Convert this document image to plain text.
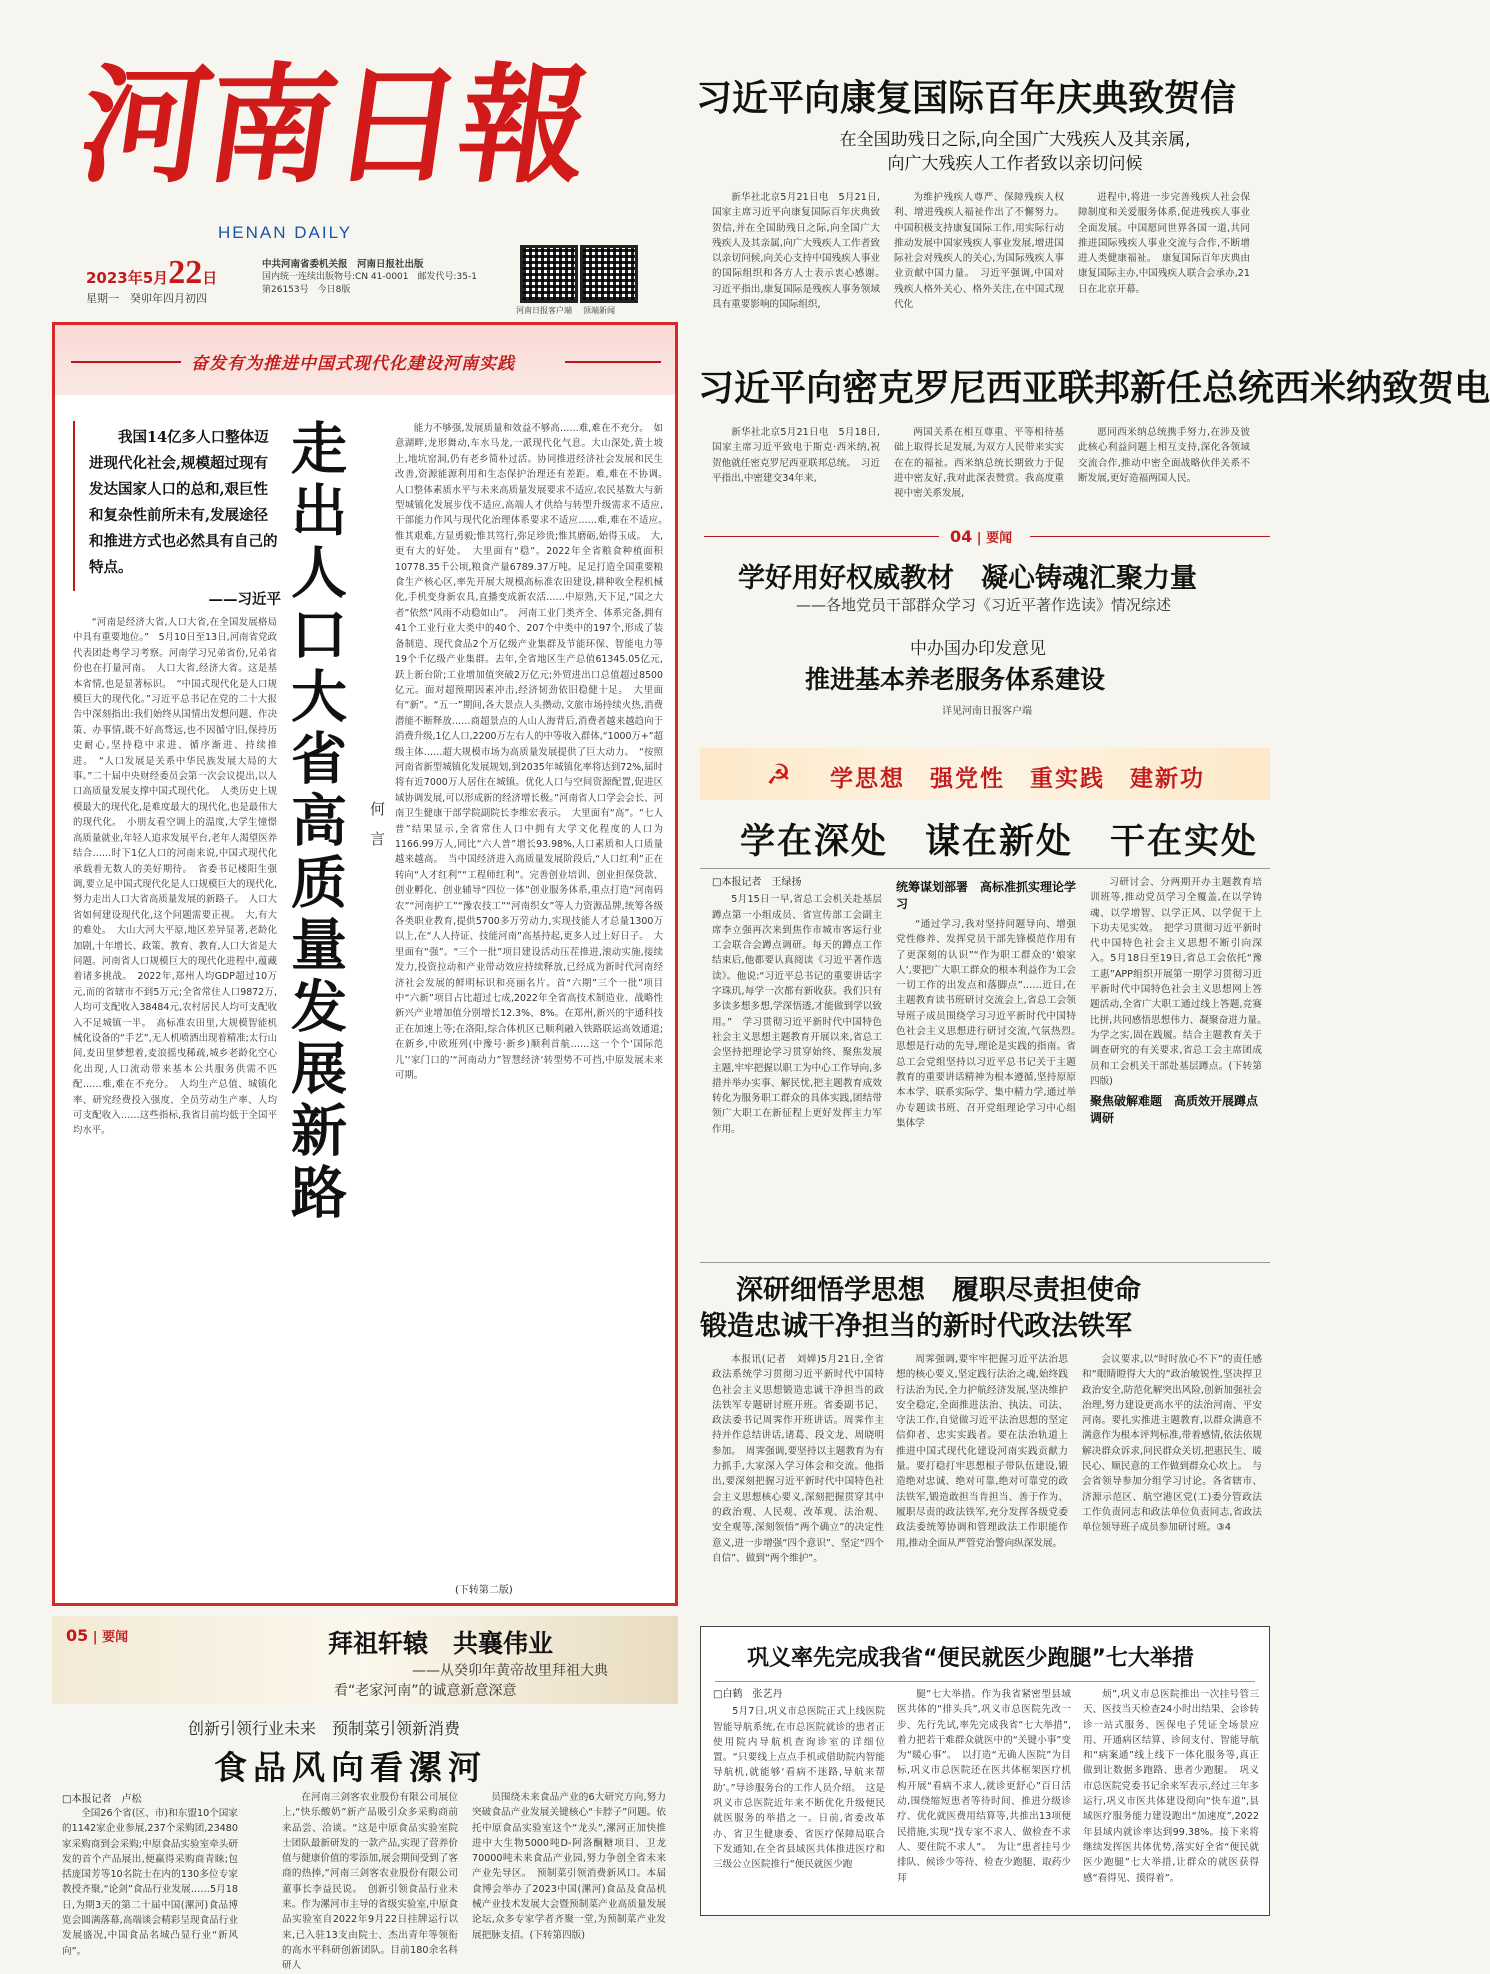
河南日報
HENAN DAILY
2023年5月22日
星期一　癸卯年四月初四
中共河南省委机关报　河南日报社出版
国内统一连续出版物号:CN 41-0001　邮发代号:35-1
第26153号　今日8版
河南日报客户端 顶端新闻
习近平向康复国际百年庆典致贺信
在全国助残日之际,向全国广大残疾人及其亲属,
向广大残疾人工作者致以亲切问候

新华社北京5月21日电　5月21日,国家主席习近平向康复国际百年庆典致贺信,并在全国助残日之际,向全国广大残疾人及其亲属,向广大残疾人工作者致以亲切问候,向关心支持中国残疾人事业的国际组织和各方人士表示衷心感谢。　习近平指出,康复国际是残疾人事务领域具有重要影响的国际组织,

为维护残疾人尊严、保障残疾人权利、增进残疾人福祉作出了不懈努力。中国积极支持康复国际工作,用实际行动推动发展中国家残疾人事业发展,增进国际社会对残疾人的关心,为国际残疾人事业贡献中国力量。　习近平强调,中国对残疾人格外关心、格外关注,在中国式现代化

进程中,将进一步完善残疾人社会保障制度和关爱服务体系,促进残疾人事业全面发展。中国愿同世界各国一道,共同推进国际残疾人事业交流与合作,不断增进人类健康福祉。　康复国际百年庆典由康复国际主办,中国残疾人联合会承办,21日在北京开幕。

习近平向密克罗尼西亚联邦新任总统西米纳致贺电

新华社北京5月21日电　5月18日,国家主席习近平致电于斯克·西米纳,祝贺他就任密克罗尼西亚联邦总统。　习近平指出,中密建交34年来,

两国关系在相互尊重、平等相待基础上取得长足发展,为双方人民带来实实在在的福祉。西米纳总统长期致力于促进中密友好,我对此深表赞赏。我高度重视中密关系发展,

愿同西米纳总统携手努力,在涉及彼此核心利益问题上相互支持,深化各领域交流合作,推动中密全面战略伙伴关系不断发展,更好造福两国人民。

04 | 要闻
学好用好权威教材　凝心铸魂汇聚力量
——各地党员干部群众学习《习近平著作选读》情况综述
中办国办印发意见
推进基本养老服务体系建设
详见河南日报客户端
☭ 学思想　强党性　重实践　建新功
学在深处　谋在新处　干在实处
□本报记者　王绿扬

5月15日一早,省总工会机关赴基层蹲点第一小组成员、省宣传部工会副主席李立强再次来到焦作市城市客运行业工会联合会蹲点调研。每天的蹲点工作结束后,他都要认真阅读《习近平著作选读》。他说:“习近平总书记的重要讲话字字珠玑,每学一次都有新收获。我们只有多读多想多想,学深悟透,才能做到学以致用。”　学习贯彻习近平新时代中国特色社会主义思想主题教育开展以来,省总工会坚持把理论学习贯穿始终、聚焦发展主题,牢牢把握以职工为中心工作导向,多措并举办实事、解民忧,把主题教育成效转化为服务职工群众的具体实践,团结带领广大职工在新征程上更好发挥主力军作用。

统筹谋划部署　高标准抓实理论学习

“通过学习,我对坚持问题导向、增强党性修养、发挥党员干部先锋模范作用有了更深刻的认识”“作为职工群众的‘娘家人’,要把广大职工群众的根本利益作为工会一切工作的出发点和落脚点”……近日,在主题教育读书班研讨交流会上,省总工会领导班子成员围绕学习习近平新时代中国特色社会主义思想进行研讨交流,气氛热烈。　思想是行动的先导,理论是实践的指南。省总工会党组坚持以习近平总书记关于主题教育的重要讲话精神为根本遵循,坚持原原本本学、联系实际学、集中精力学,通过举办专题读书班、召开党组理论学习中心组集体学

习研讨会、分两期开办主题教育培训班等,推动党员学习全覆盖,在以学铸魂、以学增智、以学正风、以学促干上下功夫见实效。　把学习贯彻习近平新时代中国特色社会主义思想不断引向深入。5月18日至19日,省总工会依托“豫工惠”APP组织开展第一期学习贯彻习近平新时代中国特色社会主义思想网上答题活动,全省广大职工通过线上答题,竞赛比拼,共同感悟思想伟力、凝聚奋进力量。　为学之实,固在践履。结合主题教育关于调查研究的有关要求,省总工会主席团成员和工会机关干部赴基层蹲点。(下转第四版)

聚焦破解难题　高质效开展蹲点调研
深研细悟学思想　履职尽责担使命
锻造忠诚干净担当的新时代政法铁军

本报讯(记者　刘婵)5月21日,全省政法系统学习贯彻习近平新时代中国特色社会主义思想锻造忠诚干净担当的政法铁军专题研讨班开班。省委副书记、政法委书记周霁作开班讲话。周霁作主持并作总结讲话,诸葛、段文龙、周晓明参加。　周霁强调,要坚持以主题教育为有力抓手,大家深入学习体会和交流。他指出,要深刻把握习近平新时代中国特色社会主义思想核心要义,深刻把握贯穿其中的政治观、人民观、改革观、法治观、安全观等,深刻领悟“两个确立”的决定性意义,进一步增强“四个意识”、坚定“四个自信”、做到“两个维护”。

周霁强调,要牢牢把握习近平法治思想的核心要义,坚定践行法治之魂,始终践行法治为民,全力护航经济发展,坚决维护安全稳定,全面推进法治、执法、司法、守法工作,自觉做习近平法治思想的坚定信仰者、忠实实践者。要在法治轨道上推进中国式现代化建设河南实践贡献力量。要打稳打牢思想根子带队伍建设,锻造绝对忠诚、绝对可靠,绝对可靠党的政法铁军,锻造敢担当肯担当、善于作为、履职尽责的政法铁军,充分发挥各级党委政法委统筹协调和管理政法工作职能作用,推动全面从严管党治警向纵深发展。

会议要求,以“时时放心不下”的责任感和“眼睛瞪得大大的”政治敏锐性,坚决捍卫政治安全,防范化解突出风险,创新加强社会治理,努力建设更高水平的法治河南、平安河南。要扎实推进主题教育,以群众满意不满意作为根本评判标准,带着感情,依法依规解决群众诉求,问民群众关切,把惠民生、暖民心、顺民意的工作做到群众心坎上。　与会省领导参加分组学习讨论。各省辖市、济源示范区、航空港区党(工)委分管政法工作负责同志和政法单位负责同志,省政法单位领导班子成员参加研讨班。③4

奋发有为推进中国式现代化建设河南实践
我国14亿多人口整体迈进现代化社会,规模超过现有发达国家人口的总和,艰巨性和复杂性前所未有,发展途径和推进方式也必然具有自己的特点。
——习近平 走出人口大省高质量发展新路 何　言

“河南是经济大省,人口大省,在全国发展格局中具有重要地位。”　5月10日至13日,河南省党政代表团赴粤学习考察。河南学习兄弟省份,兄弟省份也在打量河南。　人口大省,经济大省。这是基本省情,也是显著标识。　“中国式现代化是人口规模巨大的现代化。”习近平总书记在党的二十大报告中深刻指出:我们始终从国情出发想问题、作决策、办事情,既不好高骛远,也不因循守旧,保持历史耐心,坚持稳中求进、循序渐进、持续推进。　“人口发展是关系中华民族发展大局的大事。”二十届中央财经委员会第一次会议提出,以人口高质量发展支撑中国式现代化。　人类历史上规模最大的现代化,是难度最大的现代化,也是最伟大的现代化。　小朋友看空调上的温度,大学生憧憬高质量就业,年轻人追求发展平台,老年人渴望医养结合……时下1亿人口的河南来说,中国式现代化承载着无数人的美好期待。　省委书记楼阳生强调,要立足中国式现代化是人口规模巨大的现代化,努力走出人口大省高质量发展的新路子。　人口大省如何建设现代化,这个问题需要正视。　大,有大的难处。　大山大河大平原,地区差异显著,老龄化加剧,十年增长、政策、教育、教育,人口大省是大问题。河南省人口规模巨大的现代化进程中,蕴藏着诸多挑战。　2022年,郑州人均GDP超过10万元,而的省辖市不到5万元;全省常住人口9872万,人均可支配收入38484元,农村居民人均可支配收入不足城镇一半。　高标准农田里,大规模智能机械化设备的“手艺”,无人机喷洒出现着精准;太行山间,麦田里梦想着,麦浪摇曳稀疏,城乡老龄化空心化出现,人口流动带来基本公共服务供需不匹配……难,难在不充分。　人均生产总值、城镇化率、研究经费投入强度、全员劳动生产率、人均可支配收入……这些指标,我省目前均低于全国平均水平。

能力不够强,发展质量和效益不够高……难,难在不充分。　如意湖畔,龙形舞动,车水马龙,一派现代化气息。大山深处,黄土坡上,地坑窑洞,仍有老乡简朴过活。协同推进经济社会发展和民生改善,资源能源利用和生态保护治理还有差距。难,难在不协调。　人口整体素质水平与未来高质量发展要求不适应,农民基数大与新型城镇化发展步伐不适应,高端人才供给与转型升级需求不适应,干部能力作风与现代化治理体系要求不适应……难,难在不适应。　惟其艰难,方显勇毅;惟其笃行,弥足珍贵;惟其磨砺,始得玉成。　大,更有大的好处。　大里面有“稳”。2022年全省粮食种植面积10778.35千公顷,粮食产量6789.37万吨。足足打造全国重要粮食生产核心区,率先开展大规模高标准农田建设,耕种收全程机械化,手机变身新农具,直播变成新农活……中原熟,天下足,“国之大者”依然“风雨不动稳如山”。　河南工业门类齐全、体系完备,拥有41个工业行业大类中的40个、207个中类中的197个,形成了装备制造、现代食品2个万亿级产业集群及节能环保、智能电力等19个千亿级产业集群。去年,全省地区生产总值61345.05亿元,跃上新台阶;工业增加值突破2万亿元;外贸进出口总值超过8500亿元。面对超预期因素冲击,经济韧劲依旧稳健十足。　大里面有“新”。“五一”期间,各大景点人头攒动,文旅市场持续火热,消费潜能不断释放……商超景点的人山人海背后,消费者越来越趋向于消费升级,1亿人口,2200万左右人的中等收入群体,“1000万+”超级主体……超大规模市场为高质量发展提供了巨大动力。　“按照河南省新型城镇化发展规划,到2035年城镇化率将达到72%,届时将有近7000万人居住在城镇。优化人口与空间资源配置,促进区域协调发展,可以形成新的经济增长极。”河南省人口学会会长、河南卫生健康干部学院副院长李维宏表示。　大里面有“高”。“七人普”结果显示,全省常住人口中拥有大学文化程度的人口为1166.99万人,同比“六人普”增长93.98%,人口素质和人口质量越来越高。　当中国经济进入高质量发展阶段后,“人口红利”正在转向“人才红利”“工程师红利”。完善创业培训、创业担保贷款、创业孵化、创业辅导“四位一体”创业服务体系,重点打造“河南码农”“河南护工”“豫农技工”“河南织女”等人力资源品牌,统筹各级各类职业教育,提供5700多万劳动力,实现技能人才总量1300万以上,在“人人持证、技能河南”高基持起,更多人过上好日子。　大里面有“强”。“三个一批”项目建设活动压茬推进,滚动实施,接续发力,投资拉动和产业带动效应持续释放,已经成为新时代河南经济社会发展的鲜明标识和亮丽名片。首“六期”三个一批”项目中“六新”项目占比超过七成,2022年全省高技术制造业、战略性新兴产业增加值分别增长12.3%、8%。在郑州,新兴的宇通科技正在加速上等;在洛阳,综合体机区已顺利融入铁路联运高效通道;在新乡,中欧班列(中豫号·新乡)顺利首航……这一个个‘国际范儿’‘家门口的’“河南动力”智慧经济‘转型势不可挡,中原发展未来可期。

(下转第二版)
05 | 要闻	拜祖轩辕　共襄伟业
——从癸卯年黄帝故里拜祖大典
看“老家河南”的诚意新意深意
创新引领行业未来　预制菜引领新消费
食品风向看漯河
□本报记者　卢松

全国26个省(区、市)和东盟10个国家的1142家企业参展,237个采购团,23480家采购商到会采购;中原食品实验室牵头研发的首个产品展出,便赢得采购商青睐;包括庞国芳等10名院士在内的130多位专家教授齐聚,“论剑”食品行业发展……5月18日,为期3天的第二十届中国(漯河)食品博览会圆满落幕,高端谈会精彩呈现食品行业发展盛况,中国食品名城凸显行业“新风向”。

在河南三剑客农业股份有限公司展位上,“快乐酸奶”新产品吸引众多采购商前来品尝、洽谈。“这是中原食品实验室院士团队最新研发的一款产品,实现了营养价值与健康价值的零添加,展会期间受到了客商的热捧,”河南三剑客农业股份有限公司董事长李益民说。　创新引领食品行业未来。作为漯河市主导的省级实验室,中原食品实验室自2022年9月22日挂牌运行以来,已入驻13支由院士、杰出青年等领衔的高水平科研创新团队。目前180余名科研人

员围绕未来食品产业的6大研究方向,努力突破食品产业发展关键核心“卡脖子”问题。依托中原食品实验室这个“龙头”,漯河正加快推进中大生物5000吨D-阿洛酮糖项目、卫龙70000吨未来食品产业园,努力争创全省未来产业先导区。　预制菜引领消费新风口。本届食博会举办了2023中国(漯河)食品及食品机械产业技术发展大会暨预制菜产业高质量发展论坛,众多专家学者齐聚一堂,为预制菜产业发展把脉支招。(下转第四版)

巩义率先完成我省“便民就医少跑腿”七大举措
□白鹤　张艺丹

5月7日,巩义市总医院正式上线医院智能导航系统,在市总医院就诊的患者正使用院内导航机查询诊室的详细位置。“只要线上点点手机或借助院内智能导航机,就能够‘看病不迷路,导航来帮助’。”导诊服务台的工作人员介绍。　这是巩义市总医院近年来不断优化升级便民就医服务的举措之一。日前,省委改革办、省卫生健康委、省医疗保障局联合下发通知,在全省县域医共体推进医疗和三级公立医院推行“便民就医少跑

腿”七大举措。作为我省紧密型县域医共体的“排头兵”,巩义市总医院先改一步、先行先试,率先完成我省“七大举措”,着力把若干难群众就医中的“关键小事”变为“暖心事”。　以打造“无确人医院”为目标,巩义市总医院还在医共体框架医疗机构开展“看病不求人,就诊更舒心”百日活动,围绕缩短患者等待时间、推进分级诊疗、优化就医费用结算等,共推出13项便民措施,实现“找专家不求人、做检查不求人、要住院不求人”。　为让“患者挂号少排队、候诊少等待、检查少跑腿、取药少拜

烦”,巩义市总医院推出一次挂号管三天、医技当天检查24小时出结果、会诊转诊一站式服务、医保电子凭证全场景应用、开通病区结算、诊间支付、智能导航和“病案通”线上线下一体化服务等,真正做到让数据多跑路、患者少跑腿。　巩义市总医院党委书记余来军表示,经过三年多运行,巩义市医共体建设彻向“快车道”,县域医疗服务能力建设跑出“加速度”,2022年县域内就诊率达到99.38%。接下来将继续发挥医共体优势,落实好全省“便民就医少跑腿”七大举措,让群众的就医获得感“看得见、摸得着”。
